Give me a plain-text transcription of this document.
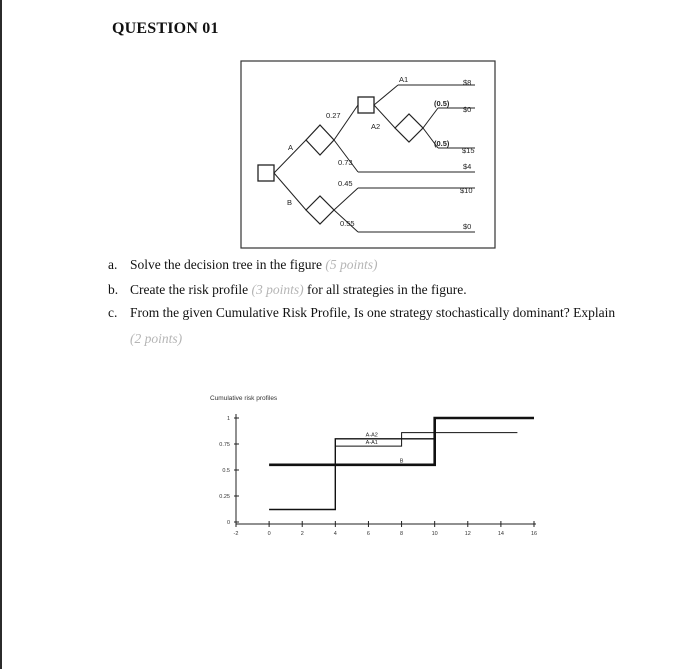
QUESTION 01
A1
A2
A
B
0.27
0.73
0.45
0.55
(0.5)
(0.5)
$8
$0
$15
$4
$10
$0
a. Solve the decision tree in the figure (5 points)
b. Create the risk profile (3 points) for all strategies in the figure.
c. From the given Cumulative Risk Profile, Is one strategy stochastically dominant? Explain
(2 points)
Cumulative risk profiles
0
0.25
0.5
0.75
1
-2	0	2	4	6	8	10	12	14	16
A-A2
A-A1
B
